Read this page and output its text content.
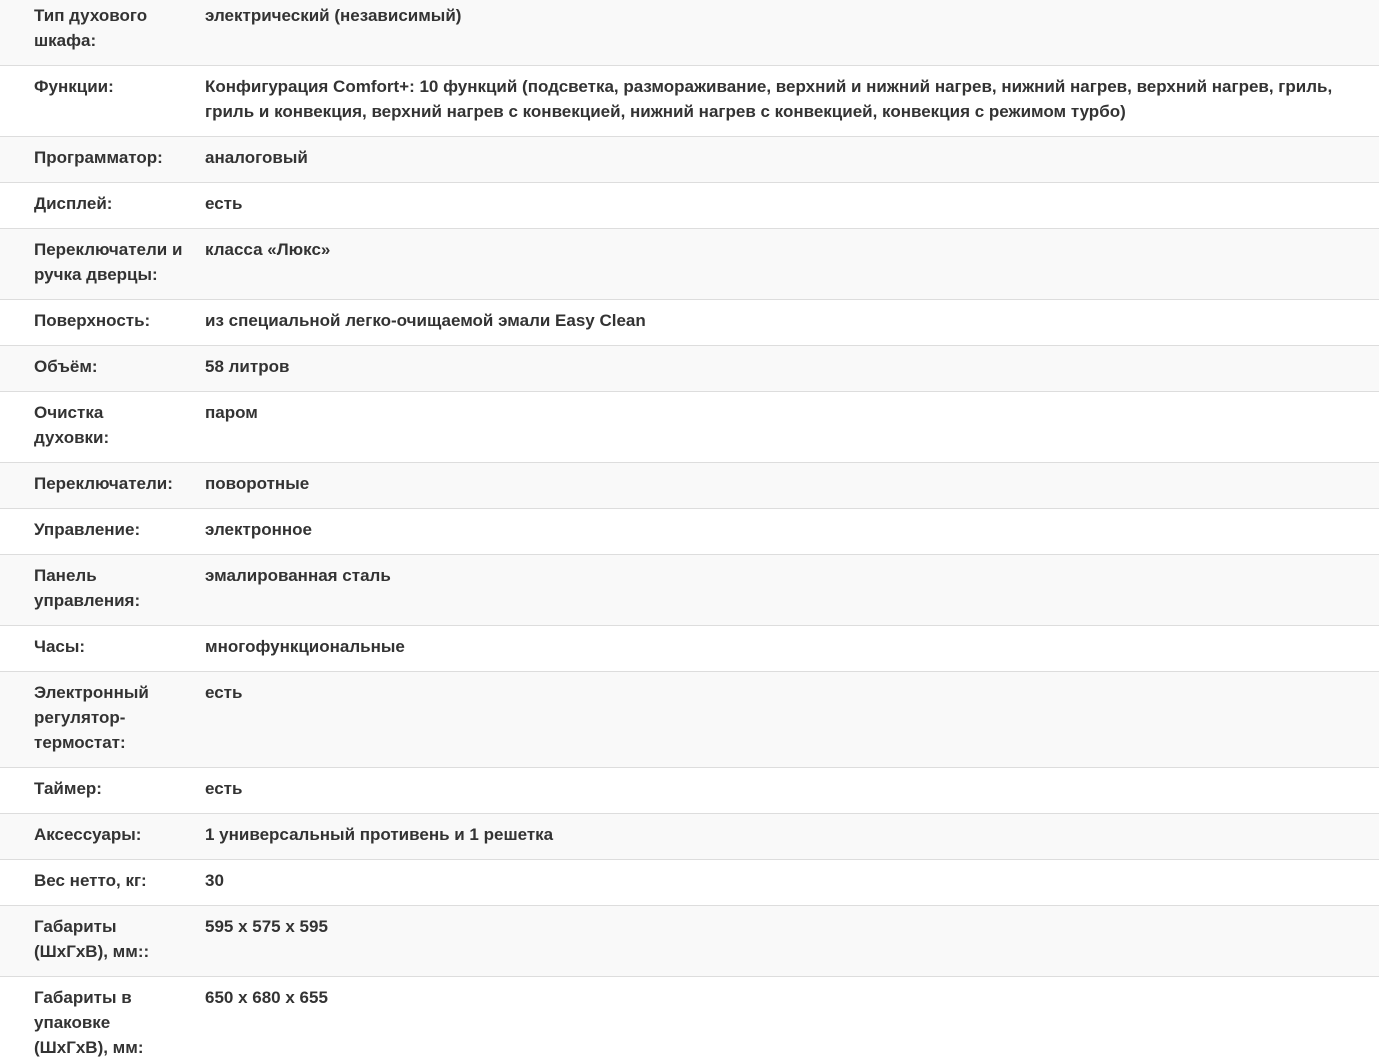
Тип духового шкафа:	электрический (независимый)
Функции:	Конфигурация Comfort+: 10 функций (подсветка, размораживание, верхний и нижний нагрев, нижний нагрев, верхний нагрев, гриль, гриль и конвекция, верхний нагрев с конвекцией, нижний нагрев с конвекцией, конвекция с режимом турбо)
Программатор:	аналоговый
Дисплей:	есть
Переключатели и ручка дверцы:	класса «Люкс»
Поверхность:	из специальной легко-очищаемой эмали Easy Clean
Объём:	58 литров
Очистка духовки:	паром
Переключатели:	поворотные
Управление:	электронное
Панель управления:	эмалированная сталь
Часы:	многофункциональные
Электронный регулятор-термостат:	есть
Таймер:	есть
Аксессуары:	1 универсальный противень и 1 решетка
Вес нетто, кг:	30
Габариты (ШхГхВ), мм::	595 x 575 x 595
Габариты в упаковке (ШхГхВ), мм:	650 x 680 x 655
